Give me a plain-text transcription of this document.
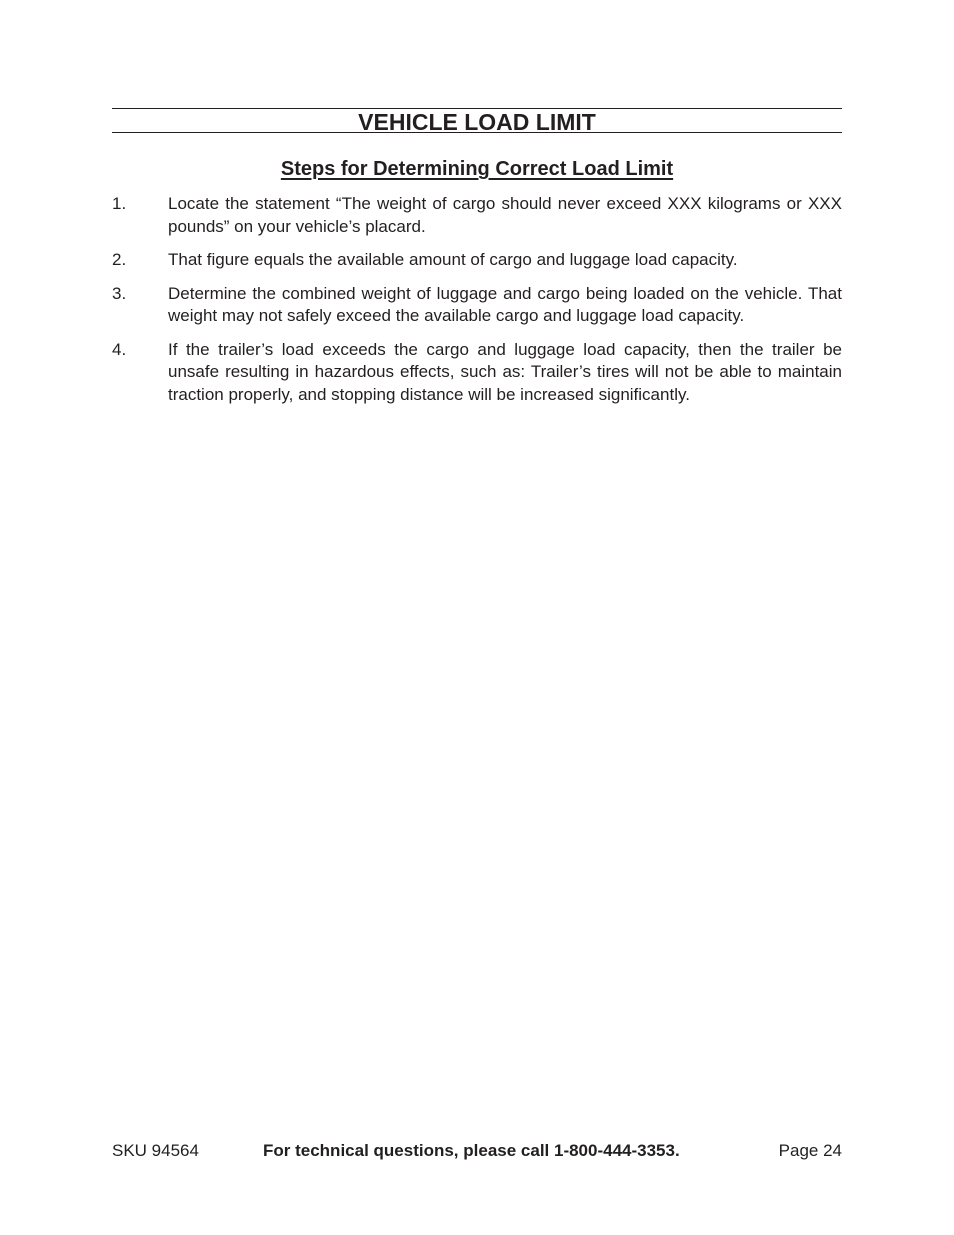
VEHICLE LOAD LIMIT
Steps for Determining Correct Load Limit
1. Locate the statement “The weight of cargo should never exceed XXX kilograms or XXX pounds” on your vehicle’s placard.
2. That figure equals the available amount of cargo and luggage load capacity.
3. Determine the combined weight of luggage and cargo being loaded on the vehicle. That weight may not safely exceed the available cargo and luggage load capacity.
4. If the trailer’s load exceeds the cargo and luggage load capacity, then the trailer be unsafe resulting in hazardous effects, such as: Trailer’s tires will not be able to maintain traction properly, and stopping distance will be increased significantly.
SKU 94564	For technical questions, please call 1-800-444-3353.	Page 24
